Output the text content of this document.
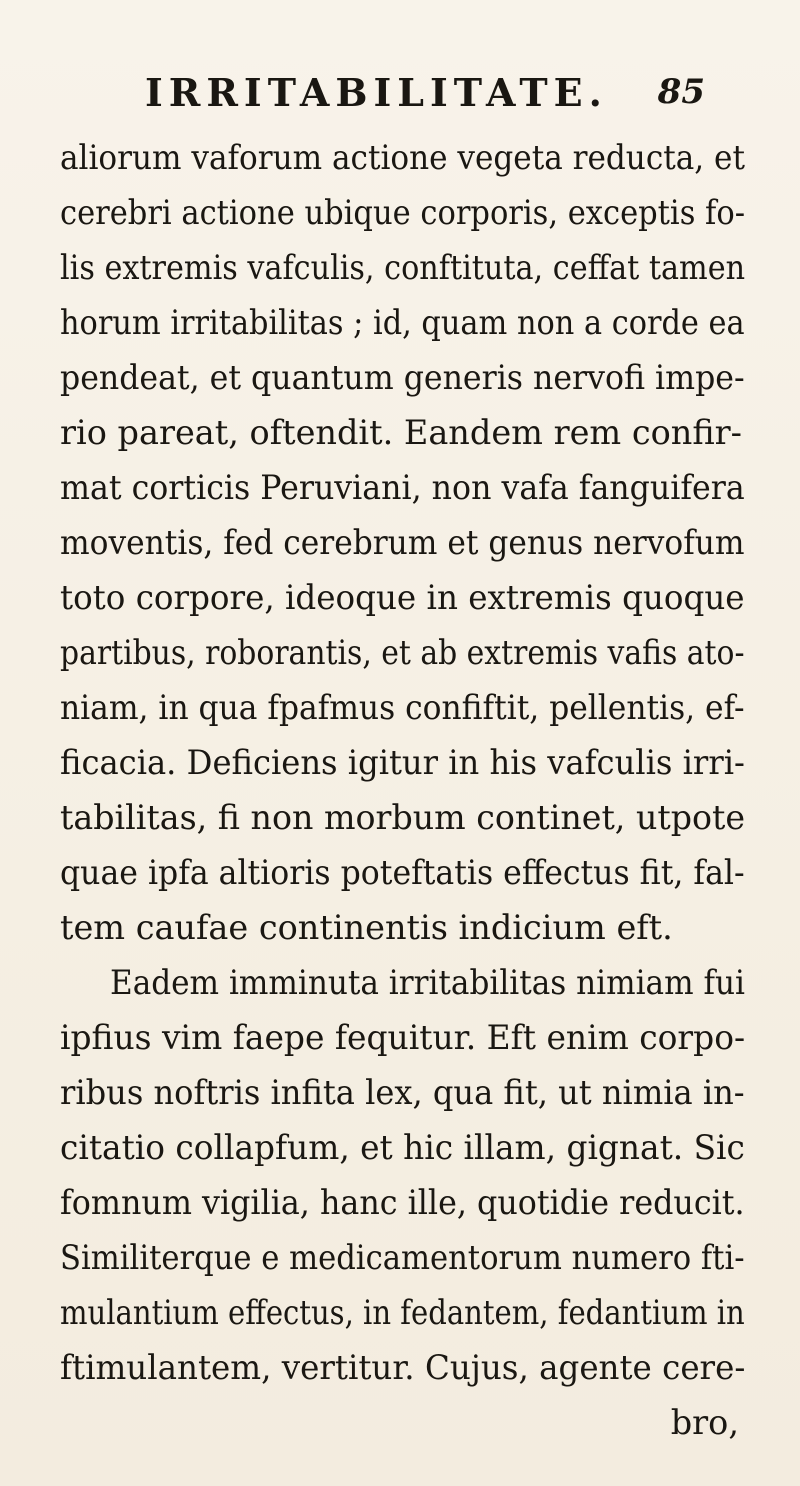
IRRITABILITATE. 85
aliorum vaforum actione vegeta reducta, et
cerebri actione ubique corporis, exceptis fo-
lis extremis vafculis, conftituta, ceffat tamen
horum irritabilitas ; id, quam non a corde ea
pendeat, et quantum generis nervofi impe-
rio pareat, oftendit. Eandem rem confir-
mat corticis Peruviani, non vafa fanguifera
moventis, fed cerebrum et genus nervofum
toto corpore, ideoque in extremis quoque
partibus, roborantis, et ab extremis vafis ato-
niam, in qua fpafmus confiftit, pellentis, ef-
ficacia. Deficiens igitur in his vafculis irri-
tabilitas, fi non morbum continet, utpote
quae ipfa altioris poteftatis effectus fit, fal-
tem caufae continentis indicium eft.
Eadem imminuta irritabilitas nimiam fui
ipfius vim faepe fequitur. Eft enim corpo-
ribus noftris infita lex, qua fit, ut nimia in-
citatio collapfum, et hic illam, gignat. Sic
fomnum vigilia, hanc ille, quotidie reducit.
Similiterque e medicamentorum numero fti-
mulantium effectus, in fedantem, fedantium in
ftimulantem, vertitur. Cujus, agente cere-
bro,
